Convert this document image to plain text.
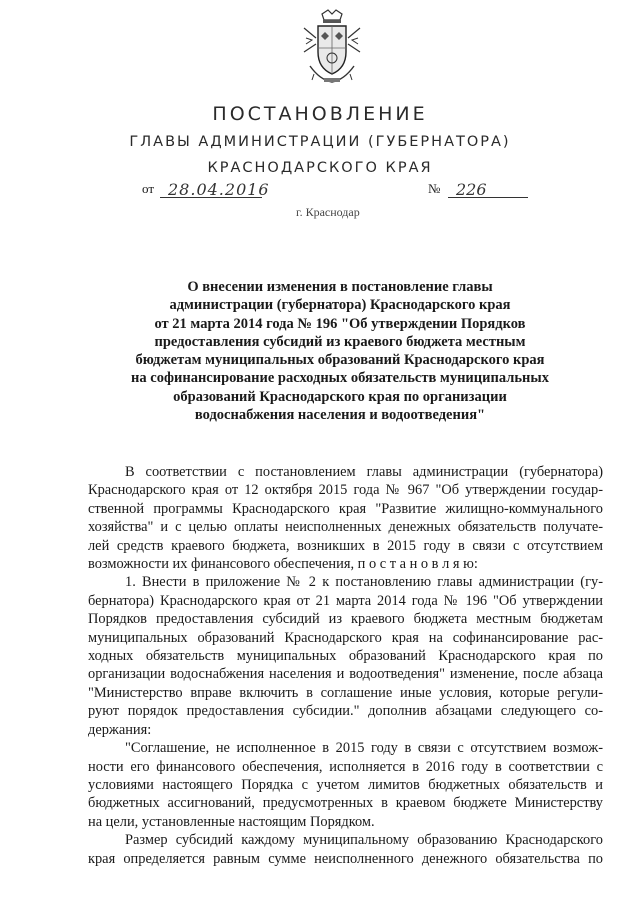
ПОСТАНОВЛЕНИЕ
ГЛАВЫ АДМИНИСТРАЦИИ (ГУБЕРНАТОРА)
КРАСНОДАРСКОГО КРАЯ
от 28.04.2016	№ 226
г. Краснодар
О внесении изменения в постановление главы
администрации (губернатора) Краснодарского края
от 21 марта 2014 года № 196 "Об утверждении Порядков
предоставления субсидий из краевого бюджета местным
бюджетам муниципальных образований Краснодарского края
на софинансирование расходных обязательств муниципальных
образований Краснодарского края по организации
водоснабжения населения и водоотведения"
В соответствии с постановлением главы администрации (губернатора)
Краснодарского края от 12 октября 2015 года № 967 "Об утверждении государ-
ственной программы Краснодарского края "Развитие жилищно-коммунального
хозяйства" и с целью оплаты неисполненных денежных обязательств получате-
лей средств краевого бюджета, возникших в 2015 году в связи с отсутствием
возможности их финансового обеспечения, п о с т а н о в л я ю:
1. Внести в приложение № 2 к постановлению главы администрации (гу-
бернатора) Краснодарского края от 21 марта 2014 года № 196 "Об утверждении
Порядков предоставления субсидий из краевого бюджета местным бюджетам
муниципальных образований Краснодарского края на софинансирование рас-
ходных обязательств муниципальных образований Краснодарского края по
организации водоснабжения населения и водоотведения" изменение, после абзаца
"Министерство вправе включить в соглашение иные условия, которые регули-
руют порядок предоставления субсидии." дополнив абзацами следующего со-
держания:
"Соглашение, не исполненное в 2015 году в связи с отсутствием возмож-
ности его финансового обеспечения, исполняется в 2016 году в соответствии с
условиями настоящего Порядка с учетом лимитов бюджетных обязательств и
бюджетных ассигнований, предусмотренных в краевом бюджете Министерству
на цели, установленные настоящим Порядком.
Размер субсидий каждому муниципальному образованию Краснодарского
края определяется равным сумме неисполненного денежного обязательства по
